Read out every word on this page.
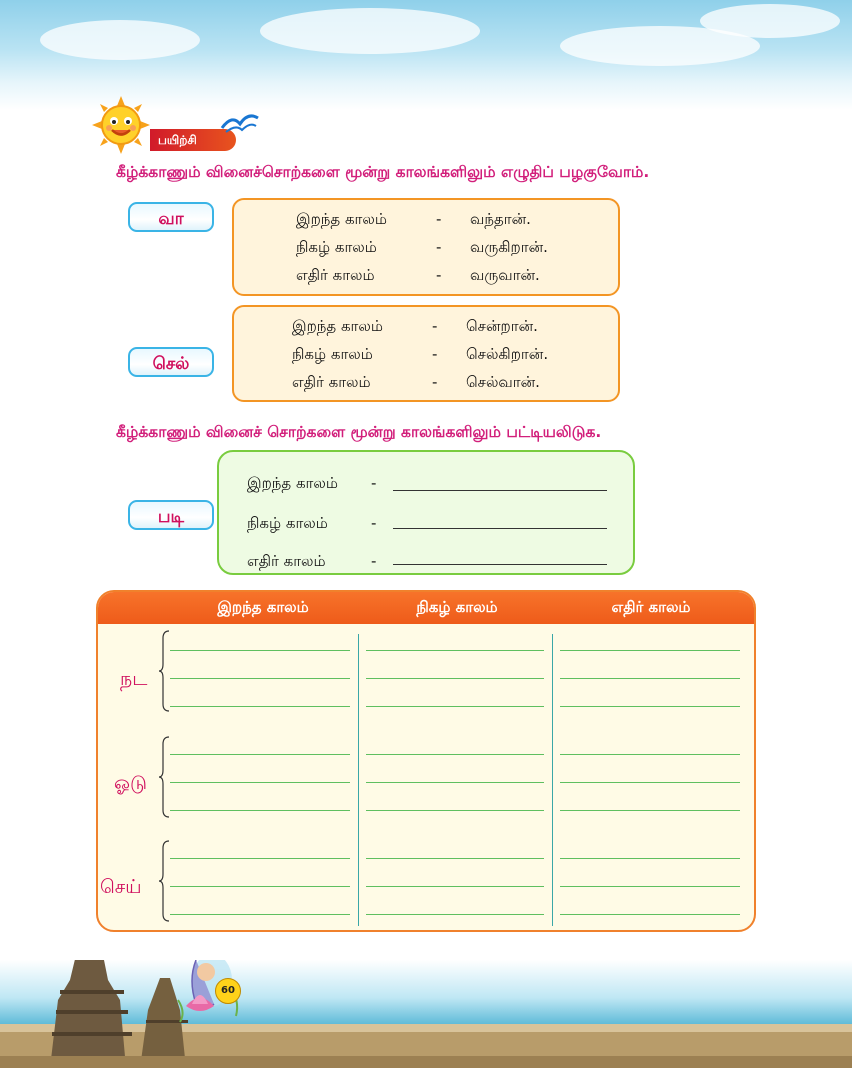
பயிற்சி
கீழ்க்காணும் வினைச்சொற்களை மூன்று காலங்களிலும் எழுதிப் பழகுவோம்.
வா	இறந்த காலம்	- வந்தான்.
நிகழ் காலம்	- வருகிறான்.
எதிர் காலம்	- வருவான்.
செல்
இறந்த காலம்	- சென்றான்.
நிகழ் காலம்	- செல்கிறான்.
எதிர் காலம்	- செல்வான்.
கீழ்க்காணும் வினைச் சொற்களை மூன்று காலங்களிலும் பட்டியலிடுக.
படி
இறந்த காலம் -
நிகழ் காலம்	-
எதிர் காலம்	-
இறந்த காலம்	நிகழ் காலம்	எதிர் காலம்
நட
ஓடு
செய்
60
